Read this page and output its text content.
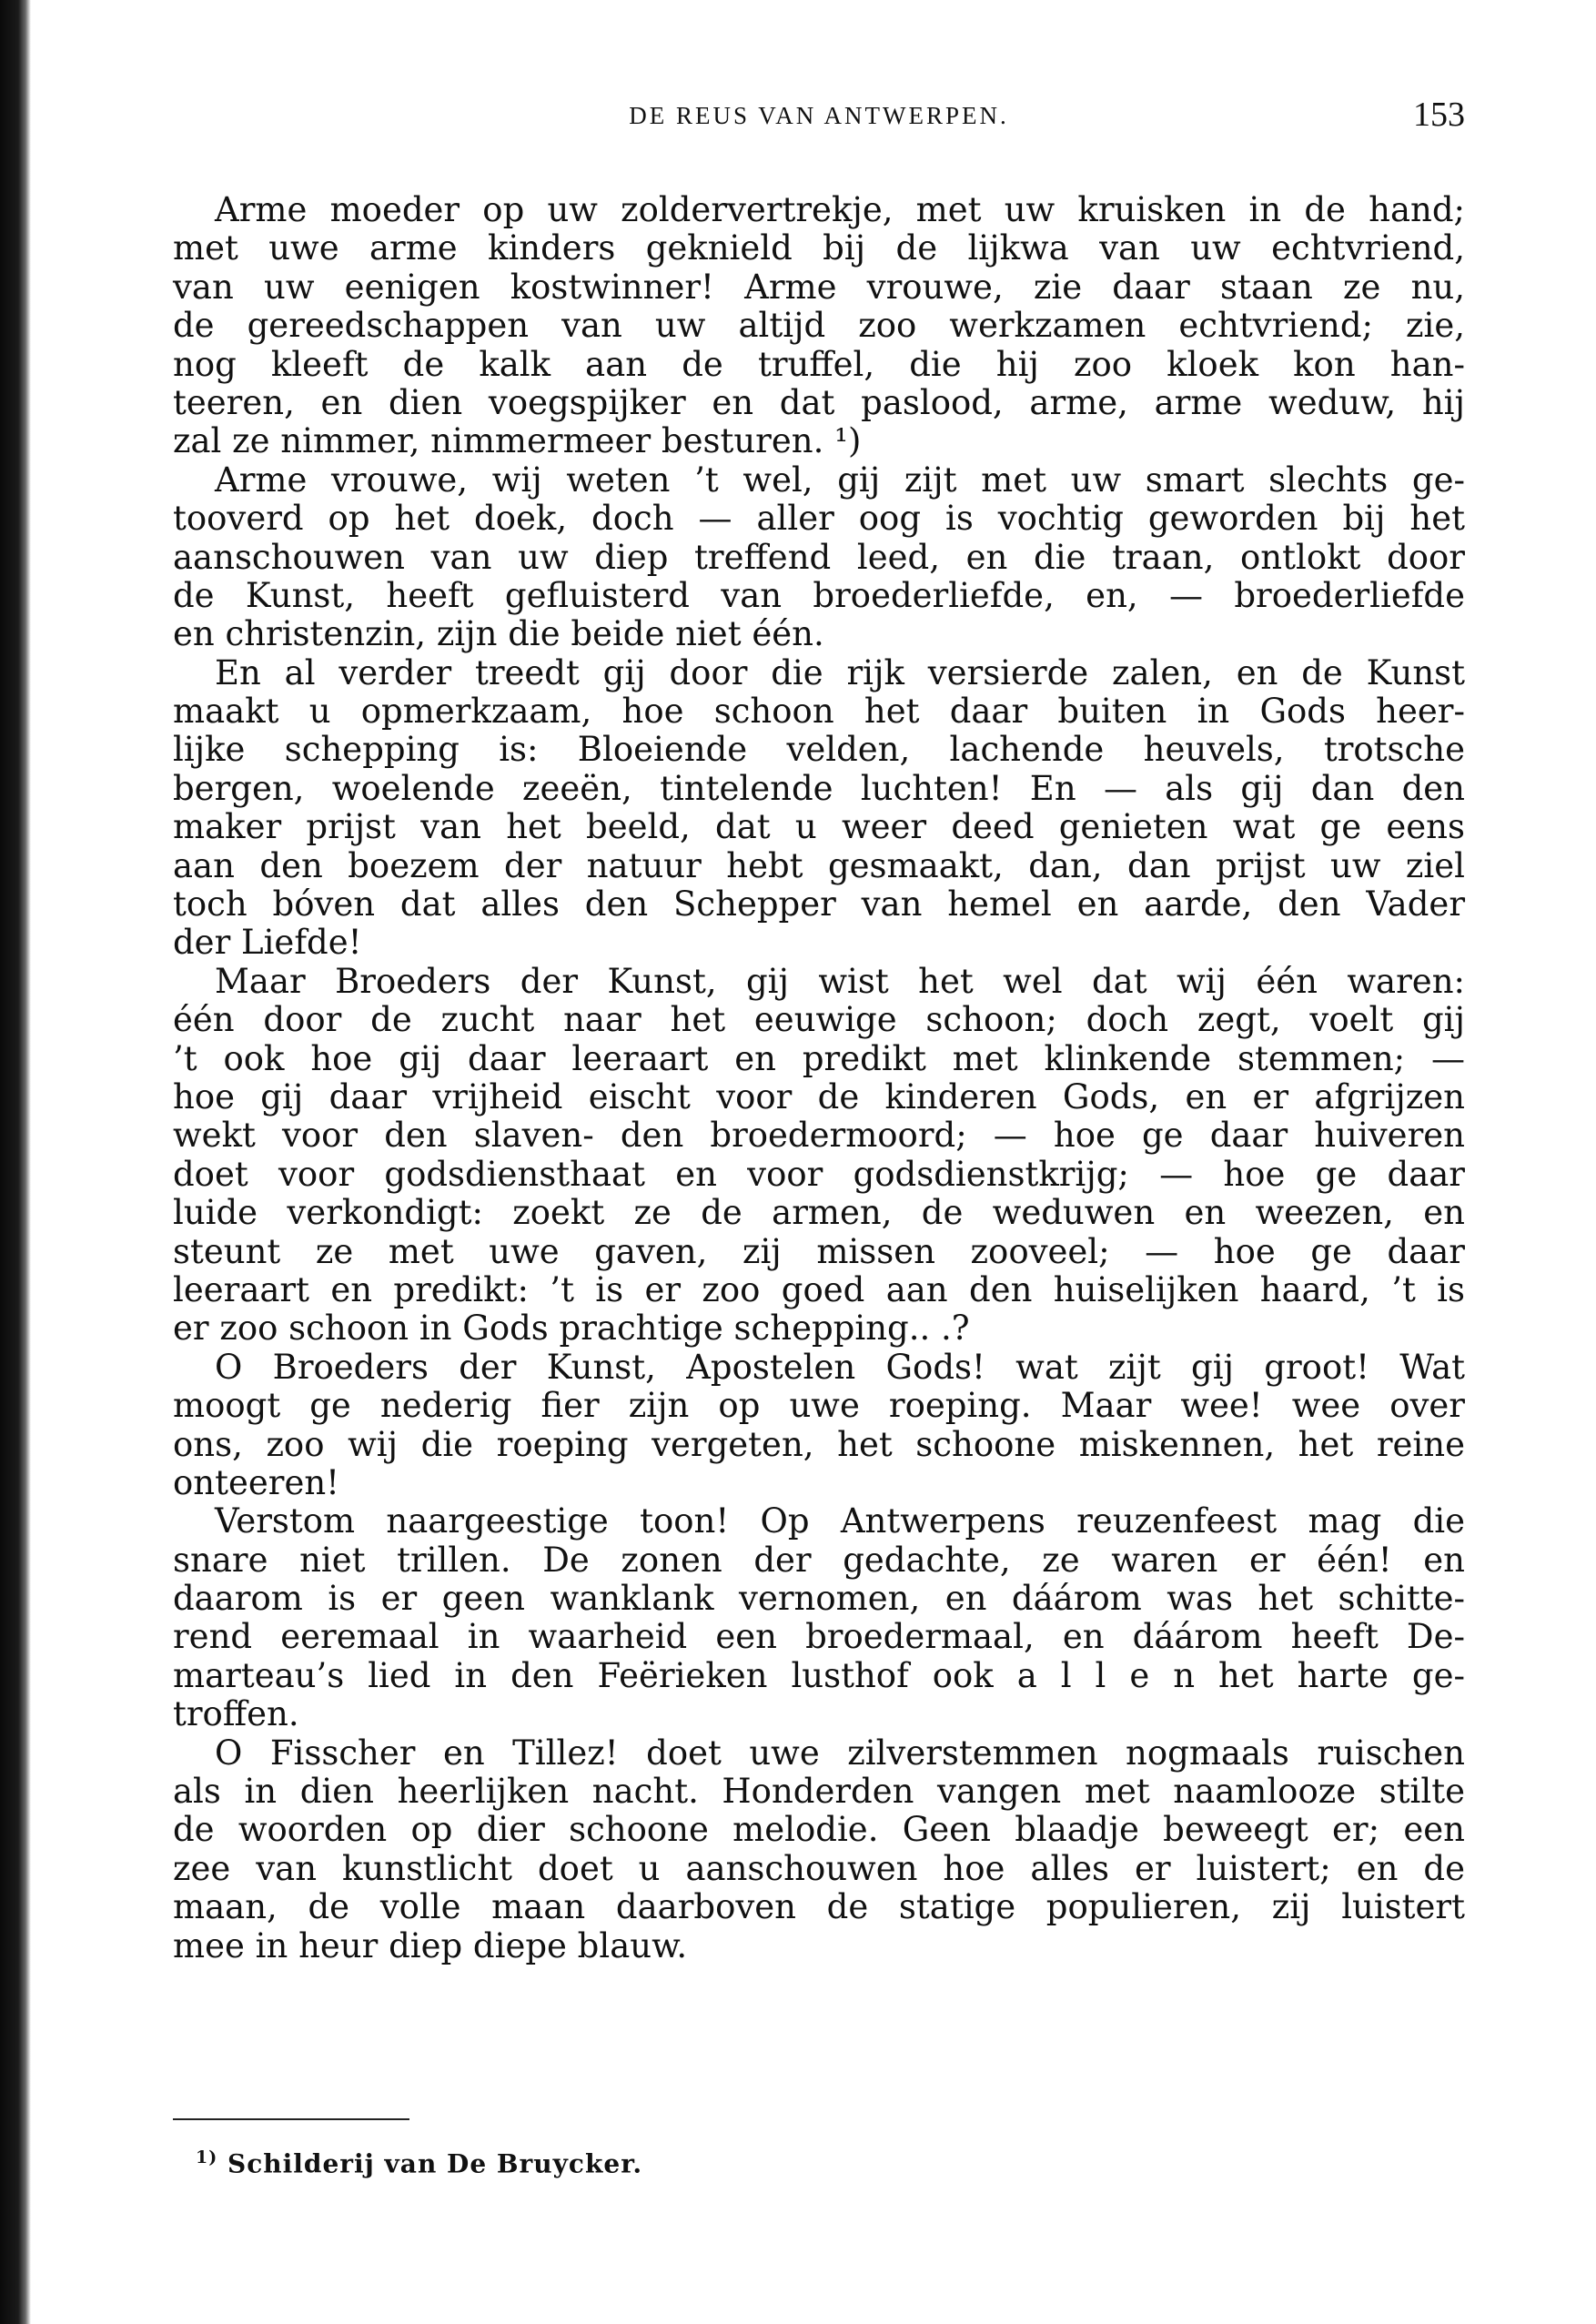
DE REUS VAN ANTWERPEN.	153
Arme moeder op uw zoldervertrekje, met uw kruisken in de hand;
met uwe arme kinders geknield bij de lijkwa van uw echtvriend,
van uw eenigen kostwinner! Arme vrouwe, zie daar staan ze nu,
de gereedschappen van uw altijd zoo werkzamen echtvriend; zie,
nog kleeft de kalk aan de truffel, die hij zoo kloek kon han-
teeren, en dien voegspijker en dat paslood, arme, arme weduw, hij
zal ze nimmer, nimmermeer besturen. ¹)
Arme vrouwe, wij weten ’t wel, gij zijt met uw smart slechts ge-
tooverd op het doek, doch — aller oog is vochtig geworden bij het
aanschouwen van uw diep treffend leed, en die traan, ontlokt door
de Kunst, heeft gefluisterd van broederliefde, en, — broederliefde
en christenzin, zijn die beide niet één.
En al verder treedt gij door die rijk versierde zalen, en de Kunst
maakt u opmerkzaam, hoe schoon het daar buiten in Gods heer-
lijke schepping is: Bloeiende velden, lachende heuvels, trotsche
bergen, woelende zeeën, tintelende luchten! En — als gij dan den
maker prijst van het beeld, dat u weer deed genieten wat ge eens
aan den boezem der natuur hebt gesmaakt, dan, dan prijst uw ziel
toch bóven dat alles den Schepper van hemel en aarde, den Vader
der Liefde!
Maar Broeders der Kunst, gij wist het wel dat wij één waren:
één door de zucht naar het eeuwige schoon; doch zegt, voelt gij
’t ook hoe gij daar leeraart en predikt met klinkende stemmen; —
hoe gij daar vrijheid eischt voor de kinderen Gods, en er afgrijzen
wekt voor den slaven- den broedermoord; — hoe ge daar huiveren
doet voor godsdiensthaat en voor godsdienstkrijg; — hoe ge daar
luide verkondigt: zoekt ze de armen, de weduwen en weezen, en
steunt ze met uwe gaven, zij missen zooveel; — hoe ge daar
leeraart en predikt: ’t is er zoo goed aan den huiselijken haard, ’t is
er zoo schoon in Gods prachtige schepping.. .?
O Broeders der Kunst, Apostelen Gods! wat zijt gij groot! Wat
moogt ge nederig fier zijn op uwe roeping. Maar wee! wee over
ons, zoo wij die roeping vergeten, het schoone miskennen, het reine
onteeren!
Verstom naargeestige toon! Op Antwerpens reuzenfeest mag die
snare niet trillen. De zonen der gedachte, ze waren er één! en
daarom is er geen wanklank vernomen, en dáárom was het schitte-
rend eeremaal in waarheid een broedermaal, en dáárom heeft De-
marteau’s lied in den Feërieken lusthof ook a l l e n het harte ge-
troffen.
O Fisscher en Tillez! doet uwe zilverstemmen nogmaals ruischen
als in dien heerlijken nacht. Honderden vangen met naamlooze stilte
de woorden op dier schoone melodie. Geen blaadje beweegt er; een
zee van kunstlicht doet u aanschouwen hoe alles er luistert; en de
maan, de volle maan daarboven de statige populieren, zij luistert
mee in heur diep diepe blauw.
$^{1)}$ Schilderij van De Bruycker.
